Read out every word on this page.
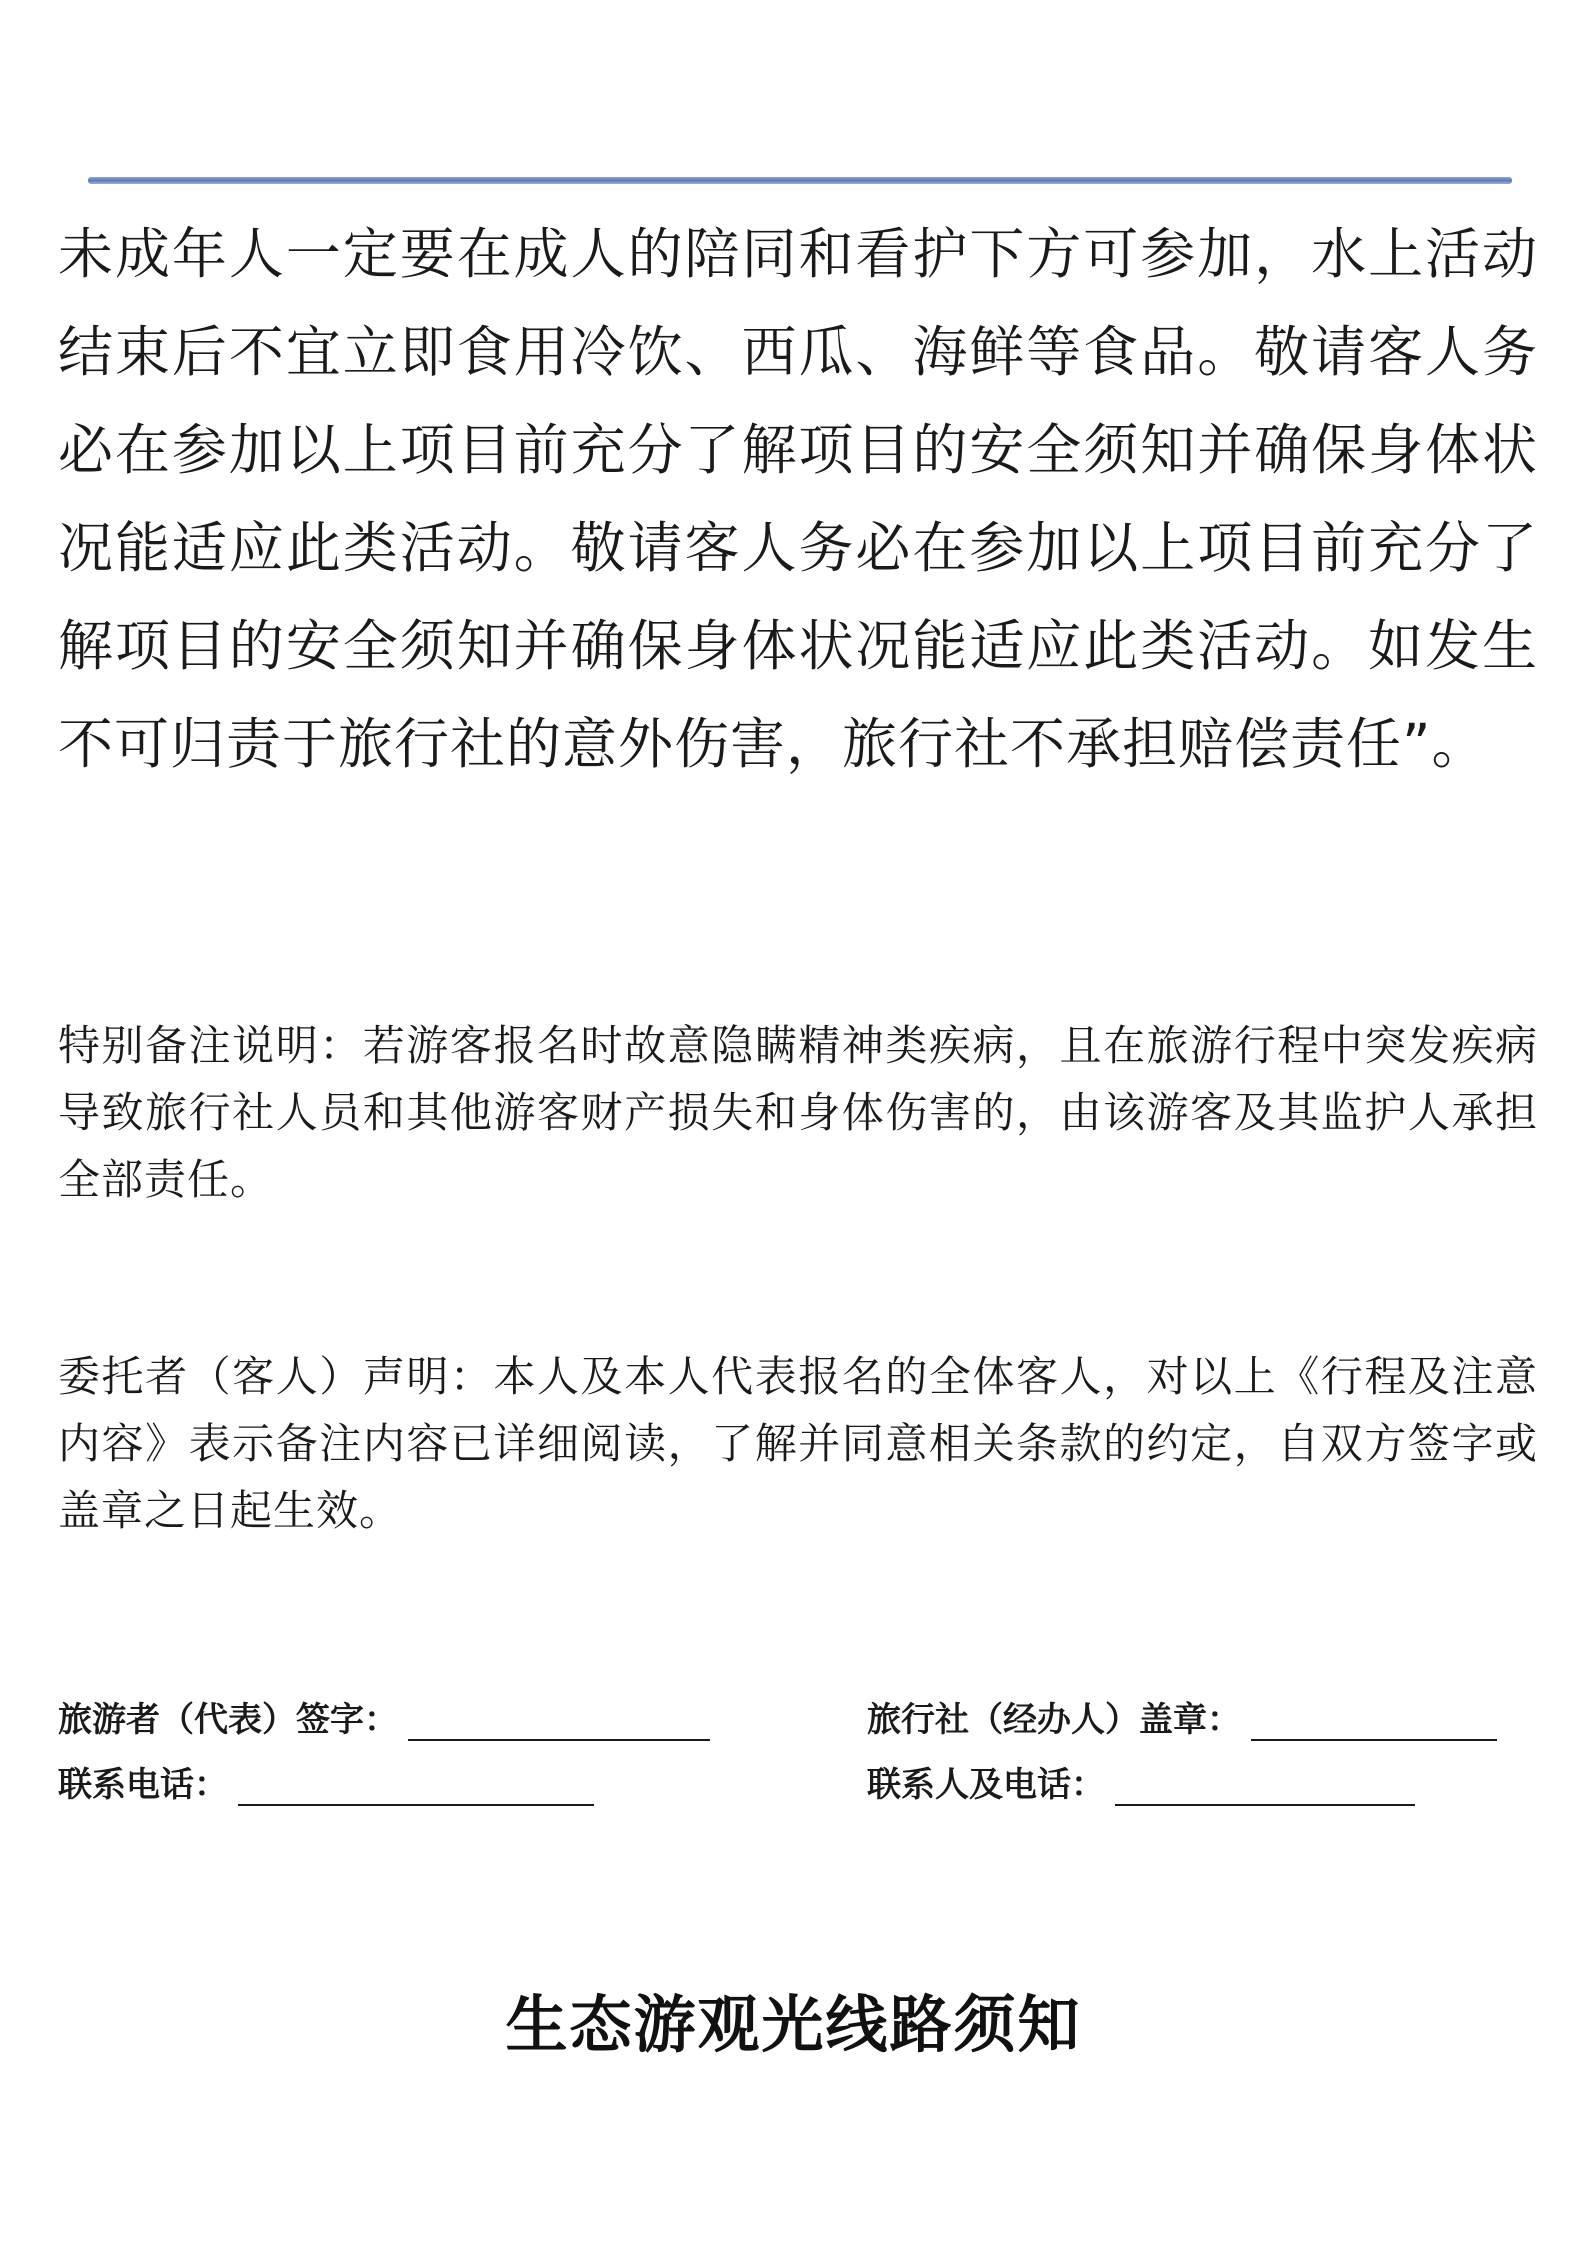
未成年人一定要在成人的陪同和看护下方可参加，水上活动结束后不宜立即食用冷饮、西瓜、海鲜等食品。敬请客人务必在参加以上项目前充分了解项目的安全须知并确保身体状况能适应此类活动。敬请客人务必在参加以上项目前充分了解项目的安全须知并确保身体状况能适应此类活动。如发生不可归责于旅行社的意外伤害，旅行社不承担赔偿责任”。

特别备注说明：若游客报名时故意隐瞒精神类疾病，且在旅游行程中突发疾病导致旅行社人员和其他游客财产损失和身体伤害的，由该游客及其监护人承担全部责任。

委托者（客人）声明：本人及本人代表报名的全体客人，对以上《行程及注意内容》表示备注内容已详细阅读，了解并同意相关条款的约定，自双方签字或盖章之日起生效。

旅游者（代表）签字：
联系电话：
旅行社（经办人）盖章：
联系人及电话：
生态游观光线路须知
